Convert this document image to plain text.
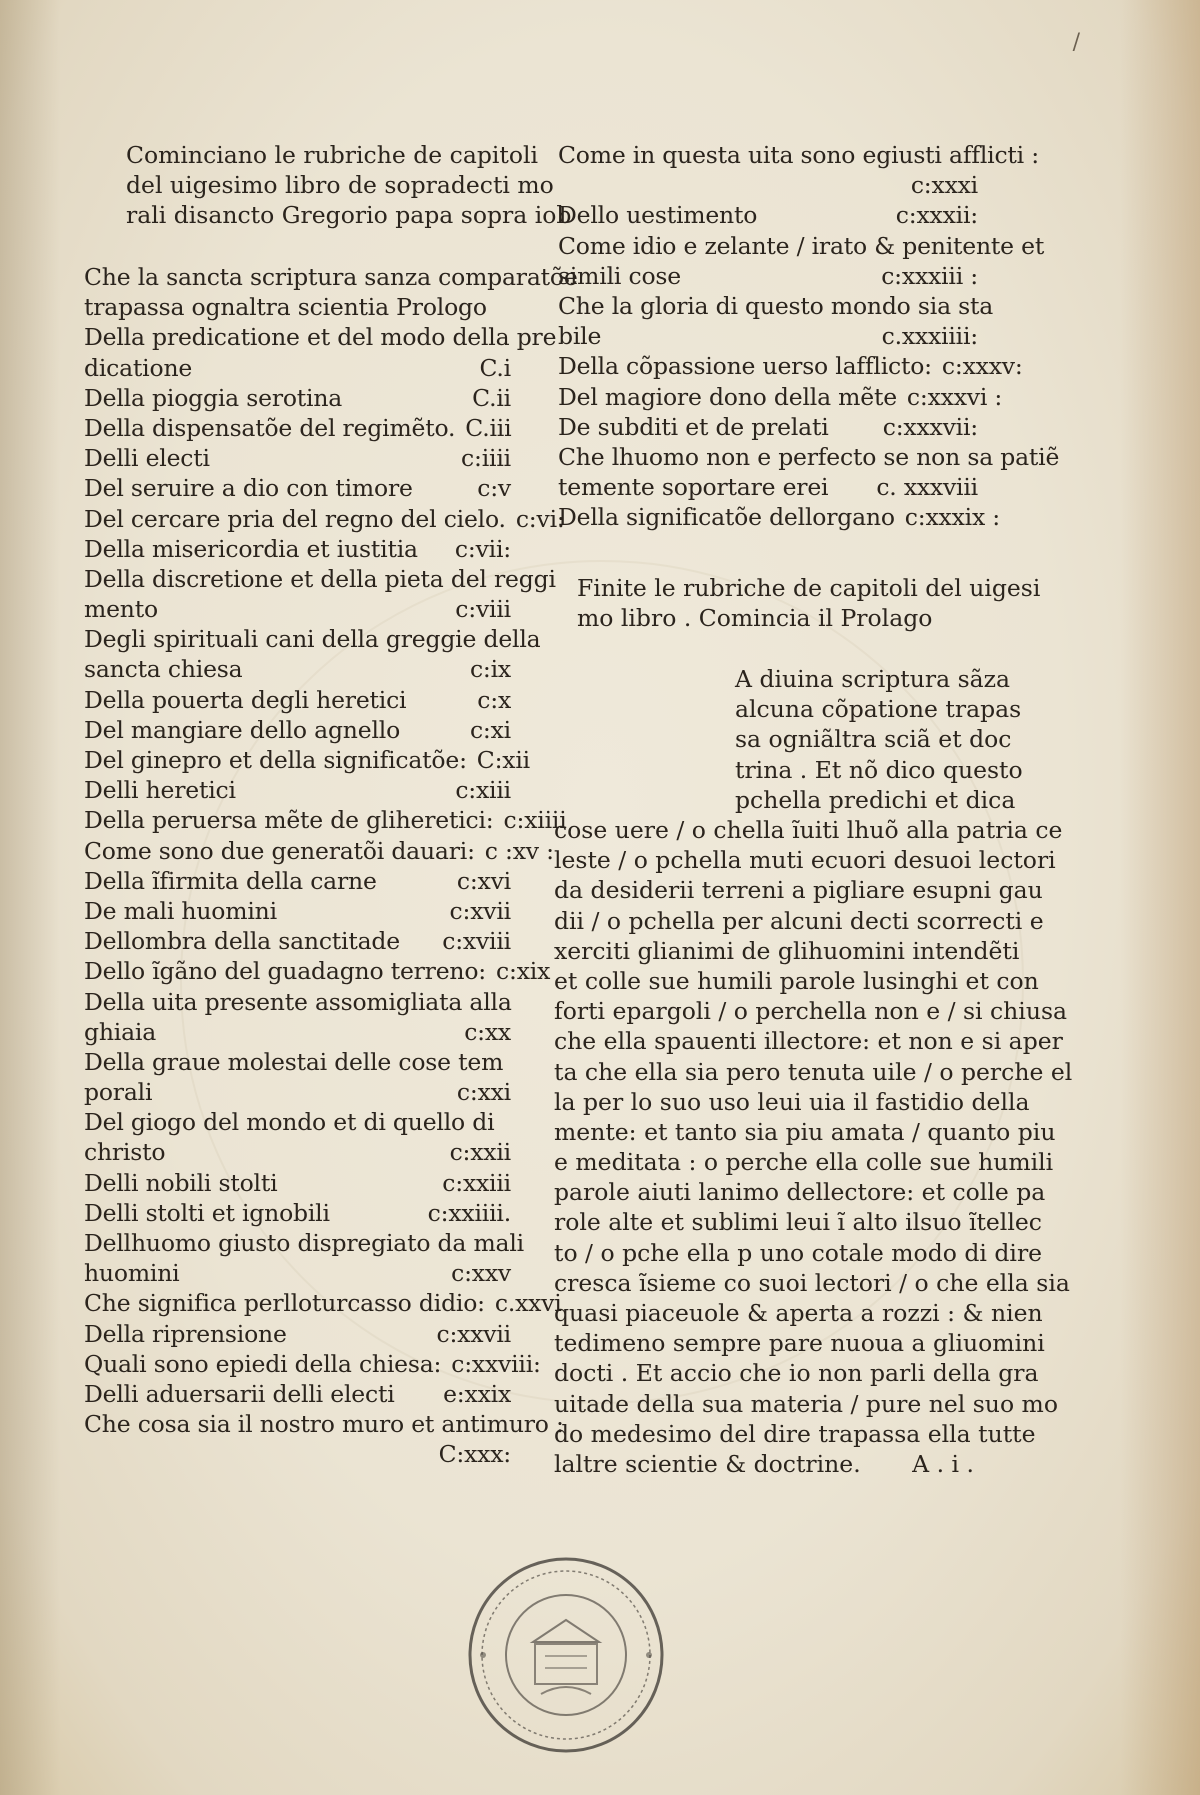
/
Cominciano le rubriche de capitoli
del uigesimo libro de sopradecti mo
rali disancto Gregorio papa sopra iob
Che la sancta scriptura sanza comparatõe
trapassa ognaltra scientia Prologo
Della predicatione et del modo della pre
dicatione	C.i
Della pioggia serotina	C.ii
Della dispensatõe del regimẽto. C.iii
Delli electi	c:iiii
Del seruire a dio con timore	c:v
Del cercare pria del regno del cielo. c:vi:
Della misericordia et iustitia	c:vii:
Della discretione et della pieta del reggi
mento	c:viii
Degli spirituali cani della greggie della
sancta chiesa	c:ix
Della pouerta degli heretici	c:x
Del mangiare dello agnello	c:xi
Del ginepro et della significatõe: C:xii
Delli heretici	c:xiii
Della peruersa mẽte de gliheretici: c:xiiii
Come sono due generatõi dauari: c :xv :
Della ĩfirmita della carne	c:xvi
De mali huomini	c:xvii
Dellombra della sanctitade	c:xviii
Dello ĩgãno del guadagno terreno: c:xix
Della uita presente assomigliata alla
ghiaia	c:xx
Della graue molestai delle cose tem
porali	c:xxi
Del giogo del mondo et di quello di
christo	c:xxii
Delli nobili stolti	c:xxiii
Delli stolti et ignobili	c:xxiiii.
Dellhuomo giusto dispregiato da mali
huomini	c:xxv
Che significa perlloturcasso didio: c.xxvi
Della riprensione	c:xxvii
Quali sono epiedi della chiesa: c:xxviii:
Delli aduersarii delli electi	e:xxix
Che cosa sia il nostro muro et antimuro :
C:xxx:
Come in questa uita sono egiusti afflicti :
c:xxxi
Dello uestimento	c:xxxii:
Come idio e zelante / irato & penitente et
simili cose	c:xxxiii :
Che la gloria di questo mondo sia sta
bile	c.xxxiiii:
Della cõpassione uerso lafflicto: c:xxxv:
Del magiore dono della mẽte c:xxxvi :
De subditi et de prelati	c:xxxvii:
Che lhuomo non e perfecto se non sa patiẽ
temente soportare erei	c. xxxviii
Della significatõe dellorgano c:xxxix :
Finite le rubriche de capitoli del uigesi
mo libro . Comincia il Prolago
A diuina scriptura sãza
alcuna cõpatione trapas
sa ogniãltra sciã et doc
trina . Et nõ dico questo
pchella predichi et dica
cose uere / o chella ĩuiti lhuõ alla patria ce
leste / o pchella muti ecuori desuoi lectori
da desiderii terreni a pigliare esupni gau
dii / o pchella per alcuni decti scorrecti e
xerciti glianimi de glihuomini intendẽti
et colle sue humili parole lusinghi et con
forti epargoli / o perchella non e / si chiusa
che ella spauenti illectore: et non e si aper
ta che ella sia pero tenuta uile / o perche el
la per lo suo uso leui uia il fastidio della
mente: et tanto sia piu amata / quanto piu
e meditata : o perche ella colle sue humili
parole aiuti lanimo dellectore: et colle pa
role alte et sublimi leui ĩ alto ilsuo ĩtellec
to / o pche ella p uno cotale modo di dire
cresca ĩsieme co suoi lectori / o che ella sia
quasi piaceuole & aperta a rozzi : & nien
tedimeno sempre pare nuoua a gliuomini
docti . Et accio che io non parli della gra
uitade della sua materia / pure nel suo mo
do medesimo del dire trapassa ella tutte
laltre scientie & doctrine. A . i .
